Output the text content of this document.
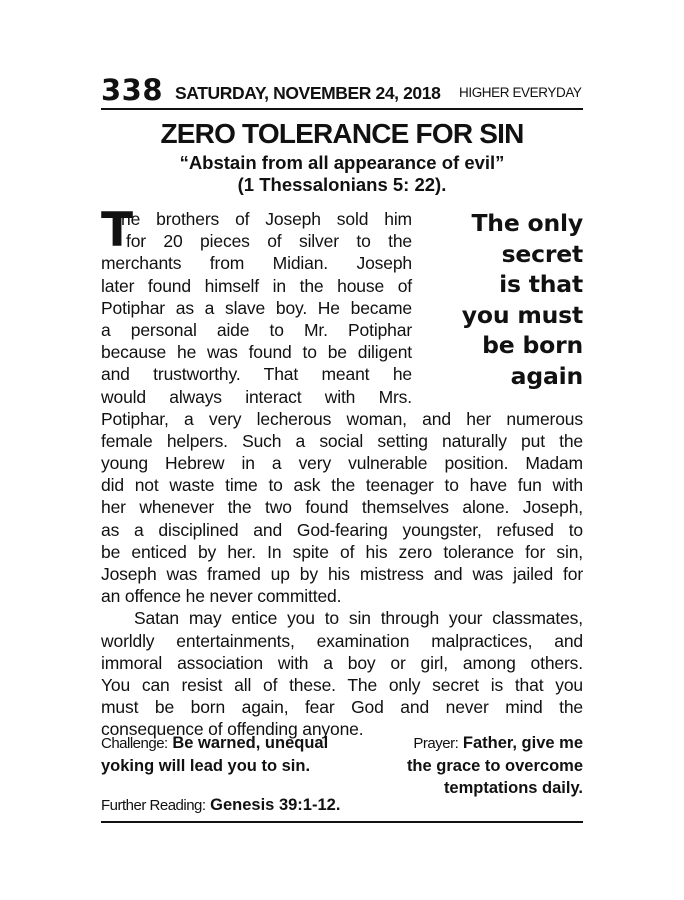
338 SATURDAY, NOVEMBER 24, 2018 HIGHER EVERYDAY
ZERO TOLERANCE FOR SIN
“Abstain from all appearance of evil”
(1 Thessalonians 5: 22).
T
he brothers of Joseph sold him
for 20 pieces of silver to the
merchants from Midian. Joseph
later found himself in the house of
Potiphar as a slave boy. He became
a personal aide to Mr. Potiphar
because he was found to be diligent
and trustworthy. That meant he
would always interact with Mrs.
Potiphar, a very lecherous woman, and her numerous
female helpers. Such a social setting naturally put the
young Hebrew in a very vulnerable position. Madam
did not waste time to ask the teenager to have fun with
her whenever the two found themselves alone. Joseph,
as a disciplined and God-fearing youngster, refused to
be enticed by her. In spite of his zero tolerance for sin,
Joseph was framed up by his mistress and was jailed for
an offence he never committed.
Satan may entice you to sin through your classmates,
worldly entertainments, examination malpractices, and
immoral association with a boy or girl, among others.
You can resist all of these. The only secret is that you
must be born again, fear God and never mind the
consequence of offending anyone.
The only
secret
is that
you must
be born
again
Challenge: Be warned, unequal
yoking will lead you to sin.
Prayer: Father, give me
the grace to overcome
temptations daily.
Further Reading: Genesis 39:1-12.
